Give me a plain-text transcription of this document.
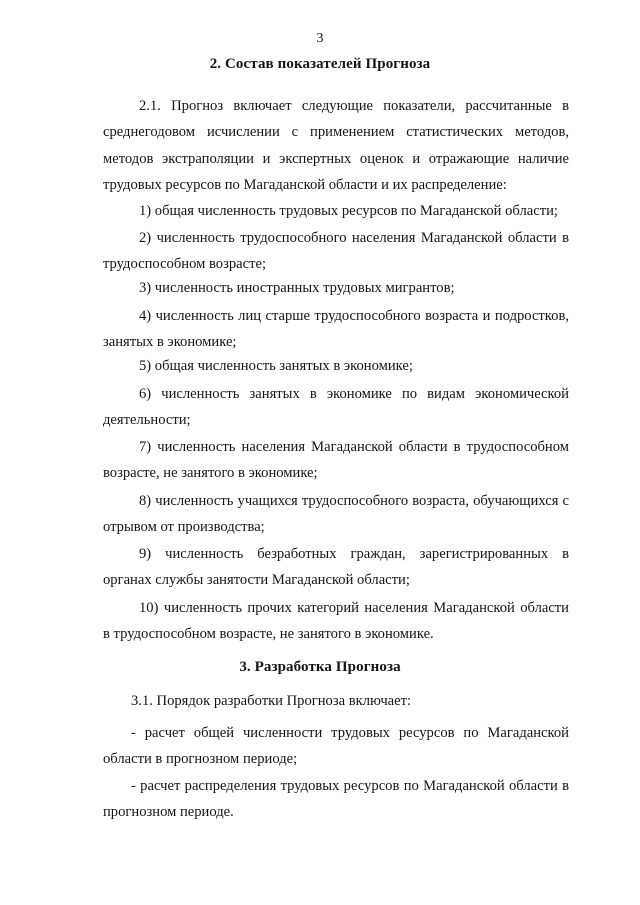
3
2. Состав показателей Прогноза
2.1. Прогноз включает следующие показатели, рассчитанные в среднегодовом исчислении с применением статистических методов, методов экстраполяции и экспертных оценок и отражающие наличие трудовых ресурсов по Магаданской области и их распределение:
1) общая численность трудовых ресурсов по Магаданской области;
2) численность трудоспособного населения Магаданской области в трудоспособном возрасте;
3) численность иностранных трудовых мигрантов;
4) численность лиц старше трудоспособного возраста и подростков, занятых в экономике;
5) общая численность занятых в экономике;
6) численность занятых в экономике по видам экономической деятельности;
7) численность населения Магаданской области в трудоспособном возрасте, не занятого в экономике;
8) численность учащихся трудоспособного возраста, обучающихся с отрывом от производства;
9) численность безработных граждан, зарегистрированных в органах службы занятости Магаданской области;
10) численность прочих категорий населения Магаданской области в трудоспособном возрасте, не занятого в экономике.
3. Разработка Прогноза
3.1. Порядок разработки Прогноза включает:
- расчет общей численности трудовых ресурсов по Магаданской области в прогнозном периоде;
- расчет распределения трудовых ресурсов по Магаданской области в прогнозном периоде.
